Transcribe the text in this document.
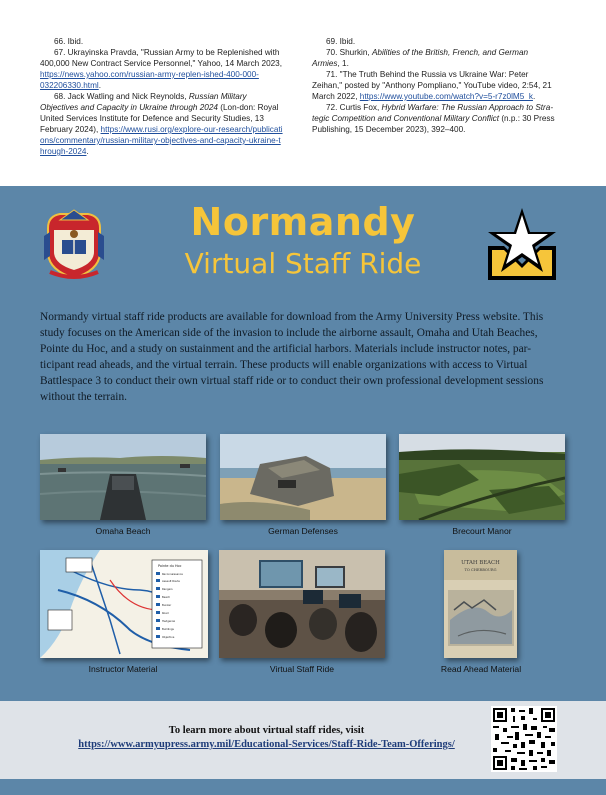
66. Ibid.

67. Ukrayinska Pravda, "Russian Army to be Replenished with 400,000 New Contract Service Personnel," Yahoo, 14 March 2023, https://news.yahoo.com/russian-army-replen-ished-400-000-032206330.html.

68. Jack Watling and Nick Reynolds, Russian Military Objectives and Capacity in Ukraine through 2024 (Lon-don: Royal United Services Institute for Defence and Security Studies, 13 February 2024), https://www.rusi.org/explore-our-research/publications/commentary/russian-military-objectives-and-capacity-ukraine-through-2024.

69. Ibid.

70. Shurkin, Abilities of the British, French, and German Armies, 1.

71. "The Truth Behind the Russia vs Ukraine War: Peter Zeihan," posted by "Anthony Pompliano," YouTube video, 2:54, 21 March 2022, https://www.youtube.com/watch?v=5-r7z0lM5_k.

72. Curtis Fox, Hybrid Warfare: The Russian Approach to Stra-tegic Competition and Conventional Military Conflict (n.p.: 30 Press Publishing, 15 December 2023), 392–400.

Normandy
Virtual Staff Ride

Normandy virtual staff ride products are available for download from the Army University Press website. This study focuses on the American side of the invasion to include the airborne assault, Omaha and Utah Beaches, Pointe du Hoc, and a study on sustainment and the artificial harbors. Materials include instructor notes, par-ticipant read aheads, and the virtual terrain. These products will enable organizations with access to Virtual Battlespace 3 to conduct their own virtual staff ride or to conduct their own professional development sessions without the terrain.

Omaha Beach	German Defenses	Brecourt Manor
Pointe du Hoc
Reconnaissance
Assault Route
Rangers
Beach
Bunker
Road
Hedgerow
Buildings
Objective
Instructor Material	Virtual Staff Ride
UTAH BEACH
TO CHERBOURG
Read Ahead Material
To learn more about virtual staff rides, visit
https://www.armyupress.army.mil/Educational-Services/Staff-Ride-Team-Offerings/
